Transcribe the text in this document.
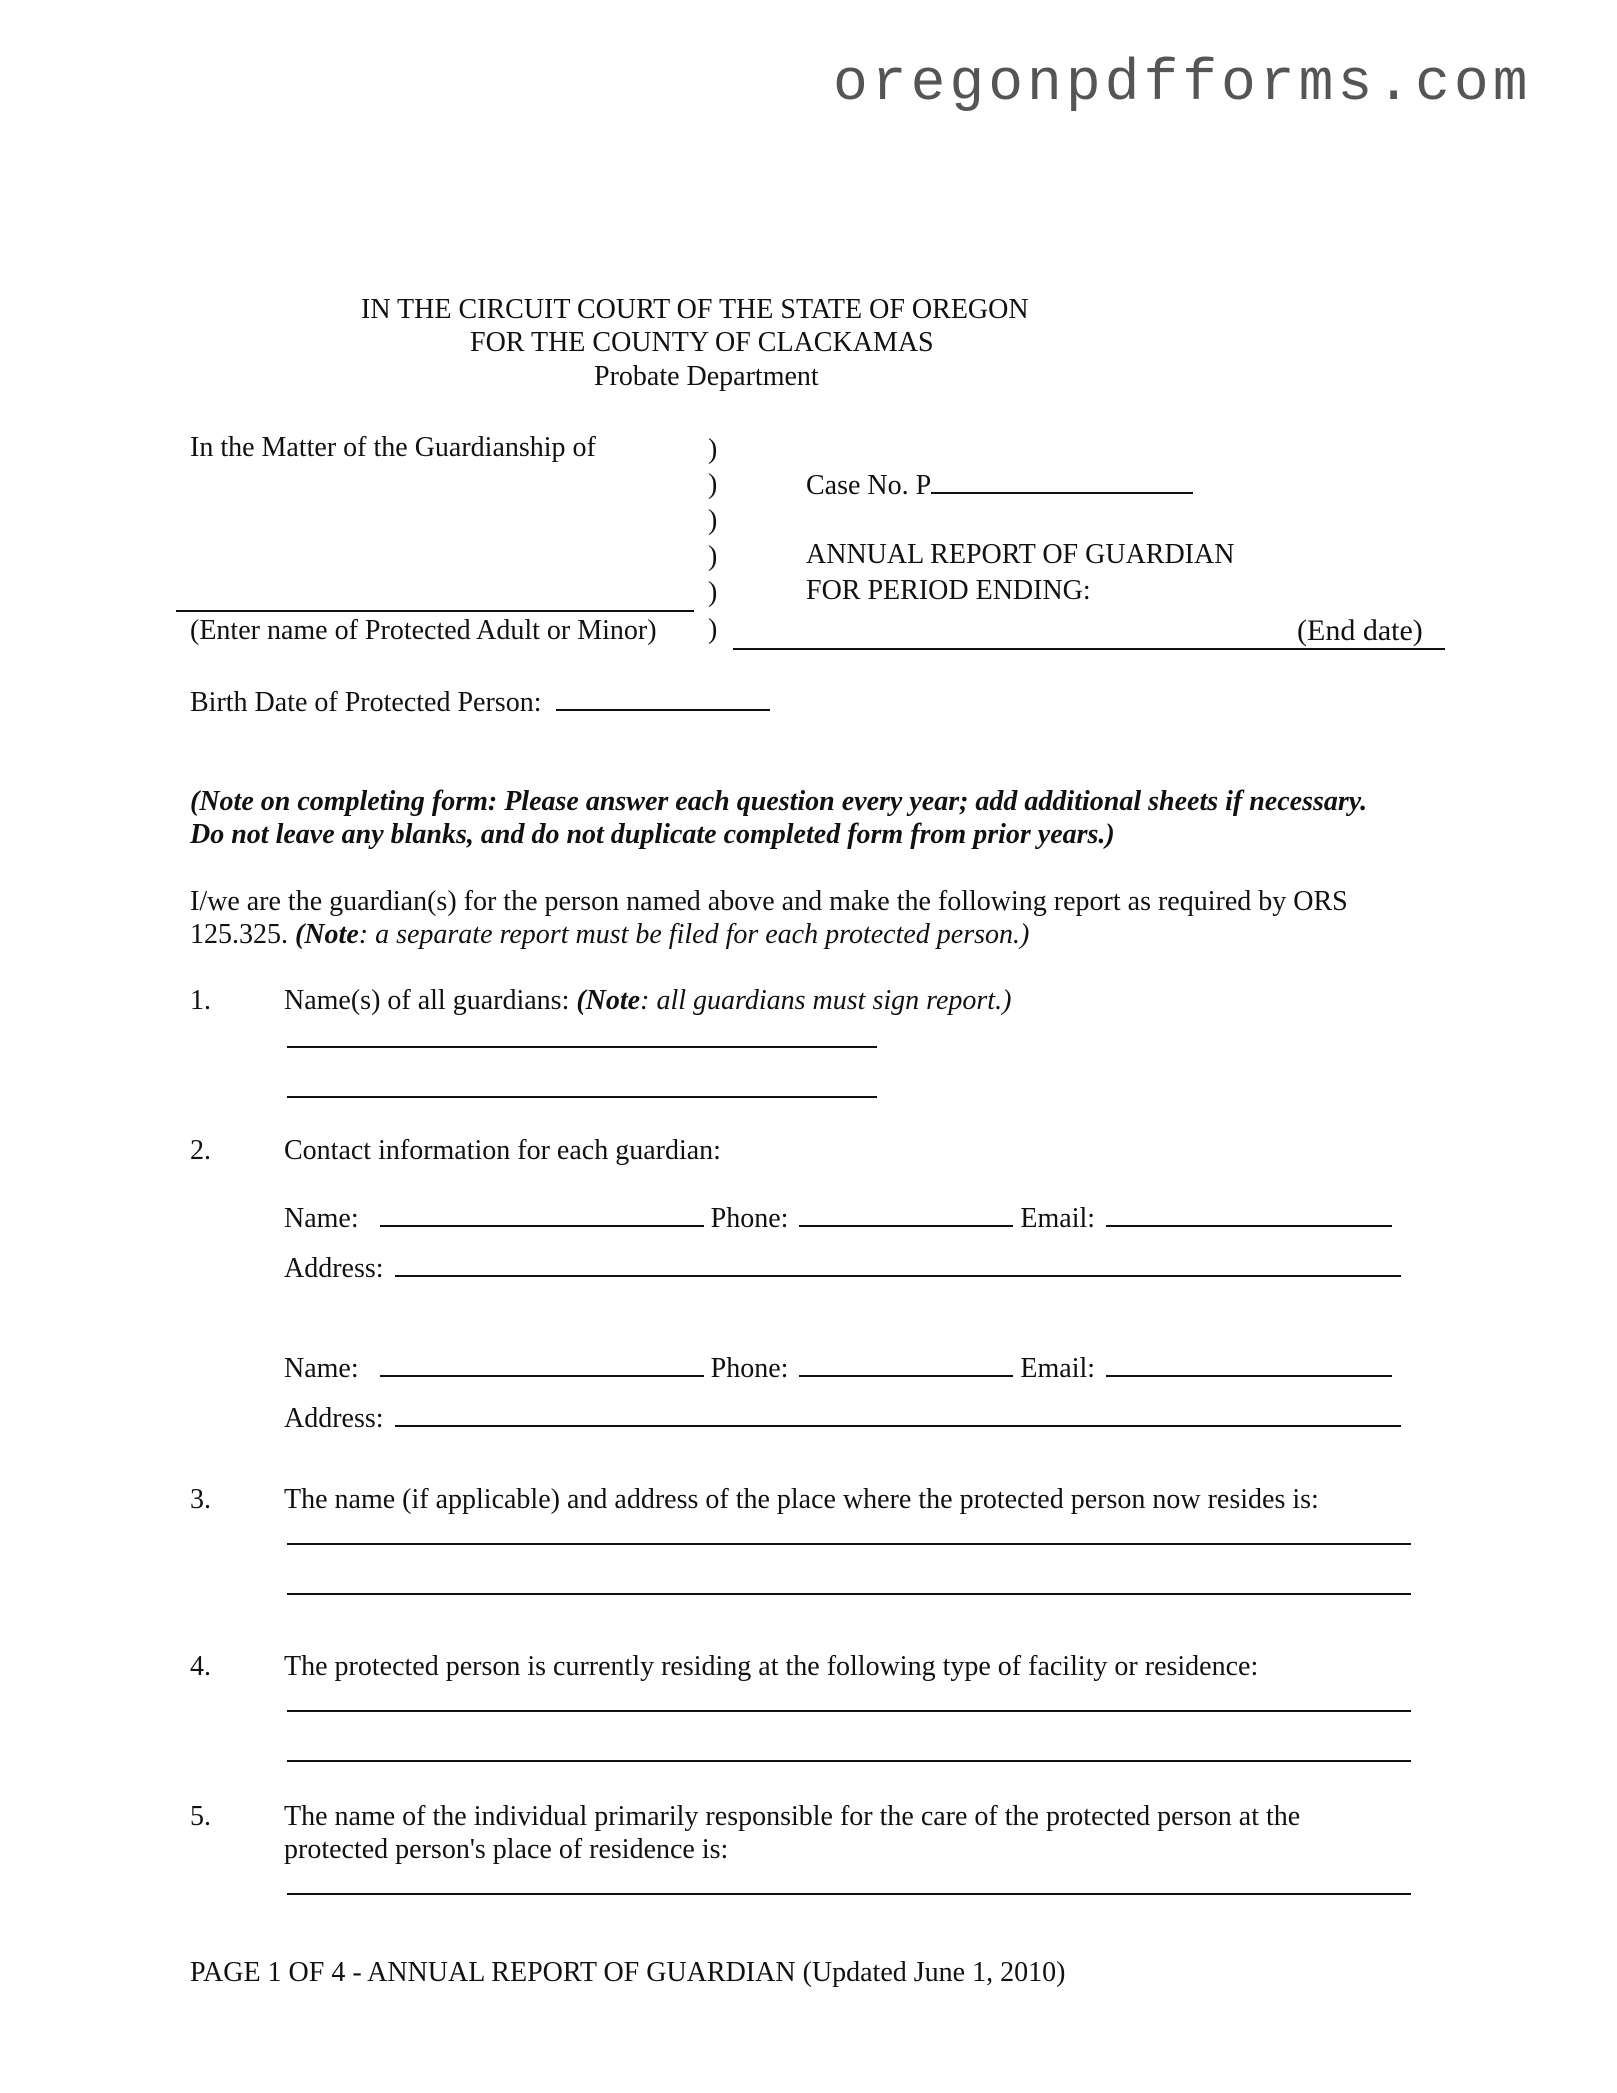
oregonpdfforms.com
IN THE CIRCUIT COURT OF THE STATE OF OREGON
FOR THE COUNTY OF CLACKAMAS
Probate Department
In the Matter of the Guardianship of	)
)
)
)
)
)
(Enter name of Protected Adult or Minor)
Case No. P
ANNUAL REPORT OF GUARDIAN
FOR PERIOD ENDING:
(End date)
Birth Date of Protected Person:
(Note on completing form: Please answer each question every year; add additional sheets if necessary.
Do not leave any blanks, and do not duplicate completed form from prior years.)
I/we are the guardian(s) for the person named above and make the following report as required by ORS
125.325. (Note: a separate report must be filed for each protected person.)
1.	Name(s) of all guardians: (Note: all guardians must sign report.)
2.	Contact information for each guardian:
Name:	Phone:	Email:
Address:
Name:	Phone:	Email:
Address:
3.	The name (if applicable) and address of the place where the protected person now resides is:
4.	The protected person is currently residing at the following type of facility or residence:
5.	The name of the individual primarily responsible for the care of the protected person at the
protected person's place of residence is:
PAGE 1 OF 4 - ANNUAL REPORT OF GUARDIAN (Updated June 1, 2010)
